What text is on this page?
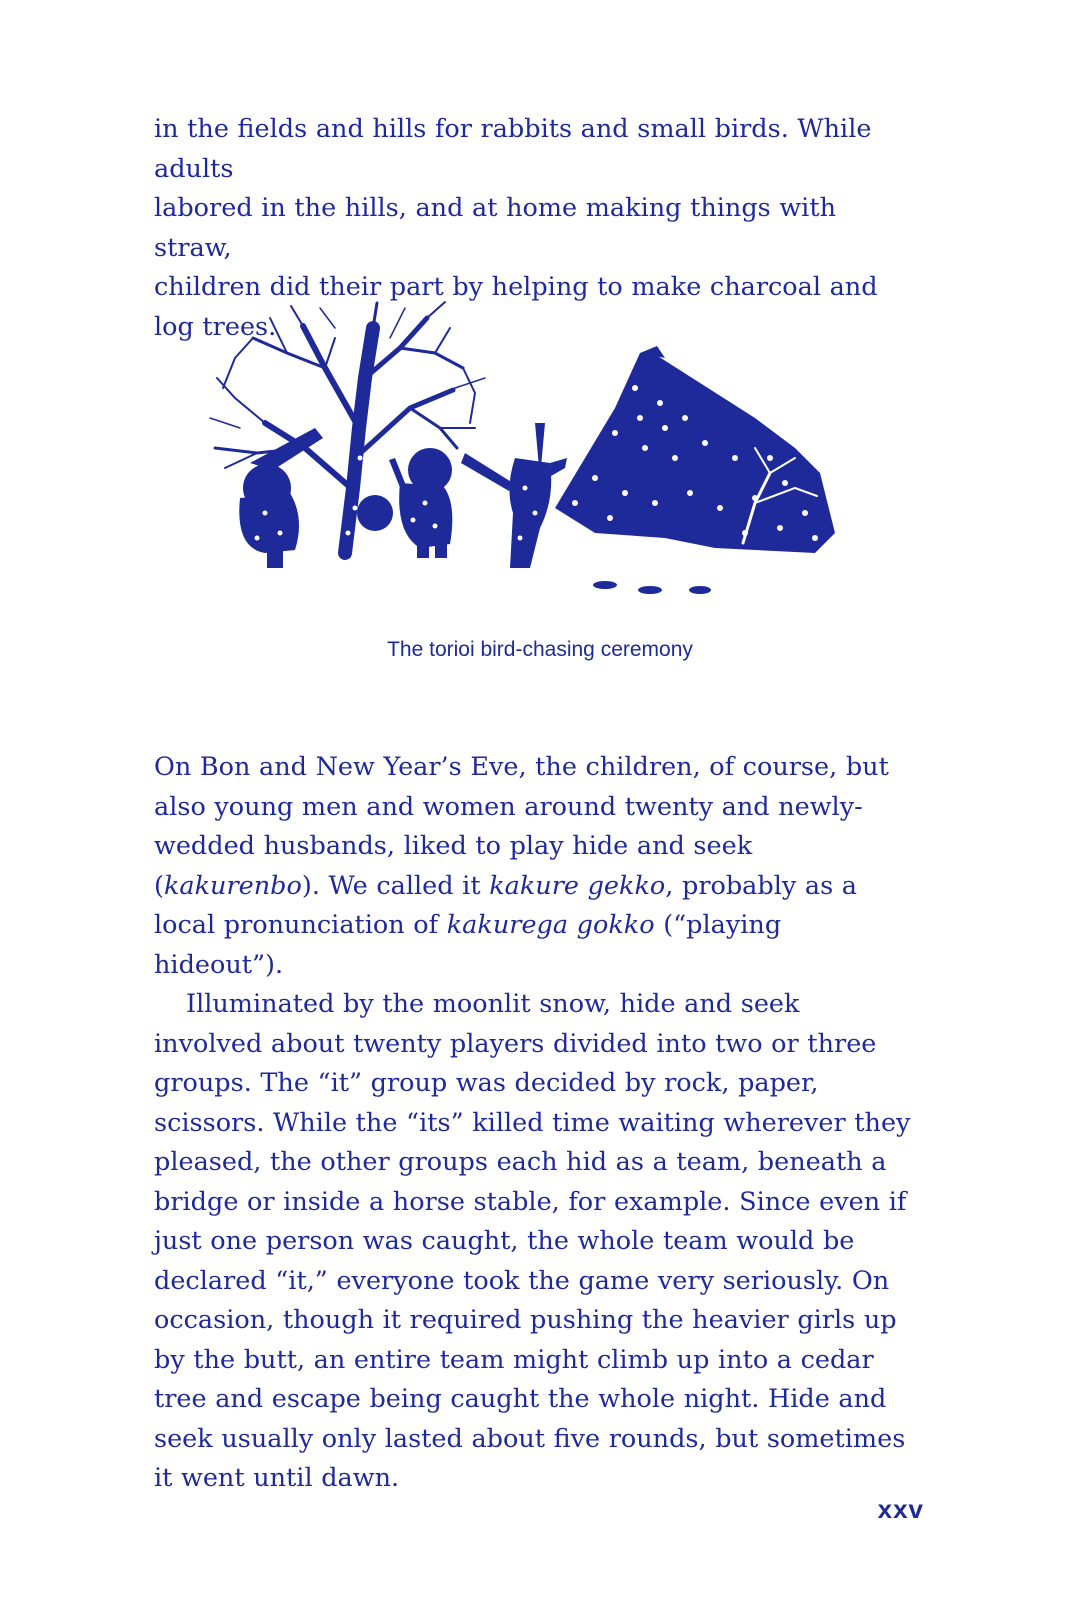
in the fields and hills for rabbits and small birds. While adults
labored in the hills, and at home making things with straw,
children did their part by helping to make charcoal and log trees.

The torioi bird-chasing ceremony

On Bon and New Year’s Eve, the children, of course, but also young men and women around twenty and newly-wedded husbands, liked to play hide and seek (kakurenbo). We called it kakure gekko, probably as a local pronunciation of kakurega gokko (“playing hideout”).

Illuminated by the moonlit snow, hide and seek involved about twenty players divided into two or three groups. The “it” group was decided by rock, paper, scissors. While the “its” killed time waiting wherever they pleased, the other groups each hid as a team, beneath a bridge or inside a horse stable, for example. Since even if just one person was caught, the whole team would be declared “it,” everyone took the game very seriously. On occasion, though it required pushing the heavier girls up by the butt, an entire team might climb up into a cedar tree and escape being caught the whole night. Hide and seek usually only lasted about five rounds, but sometimes it went until dawn.

xxv
